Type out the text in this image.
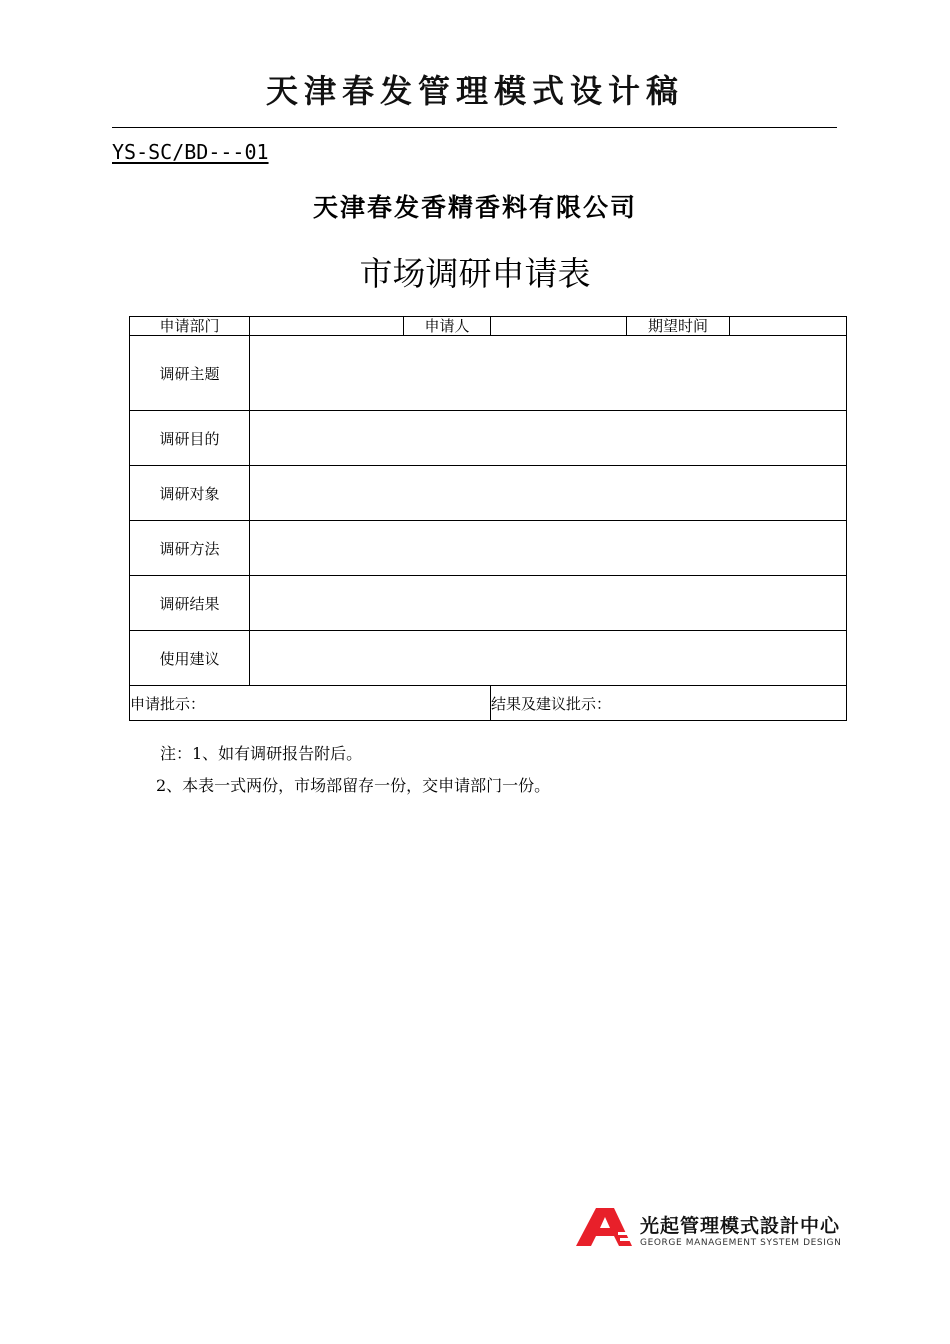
天津春发管理模式设计稿
YS-SC/BD---01
天津春发香精香料有限公司
市场调研申请表
申请部门		申请人		期望时间	
调研主题					
调研目的					
调研对象					
调研方法					
调研结果					
使用建议					
申请批示：			结果及建议批示：		
注：1、如有调研报告附后。
2、本表一式两份，市场部留存一份，交申请部门一份。
光起管理模式設計中心
GEORGE MANAGEMENT SYSTEM DESIGN
